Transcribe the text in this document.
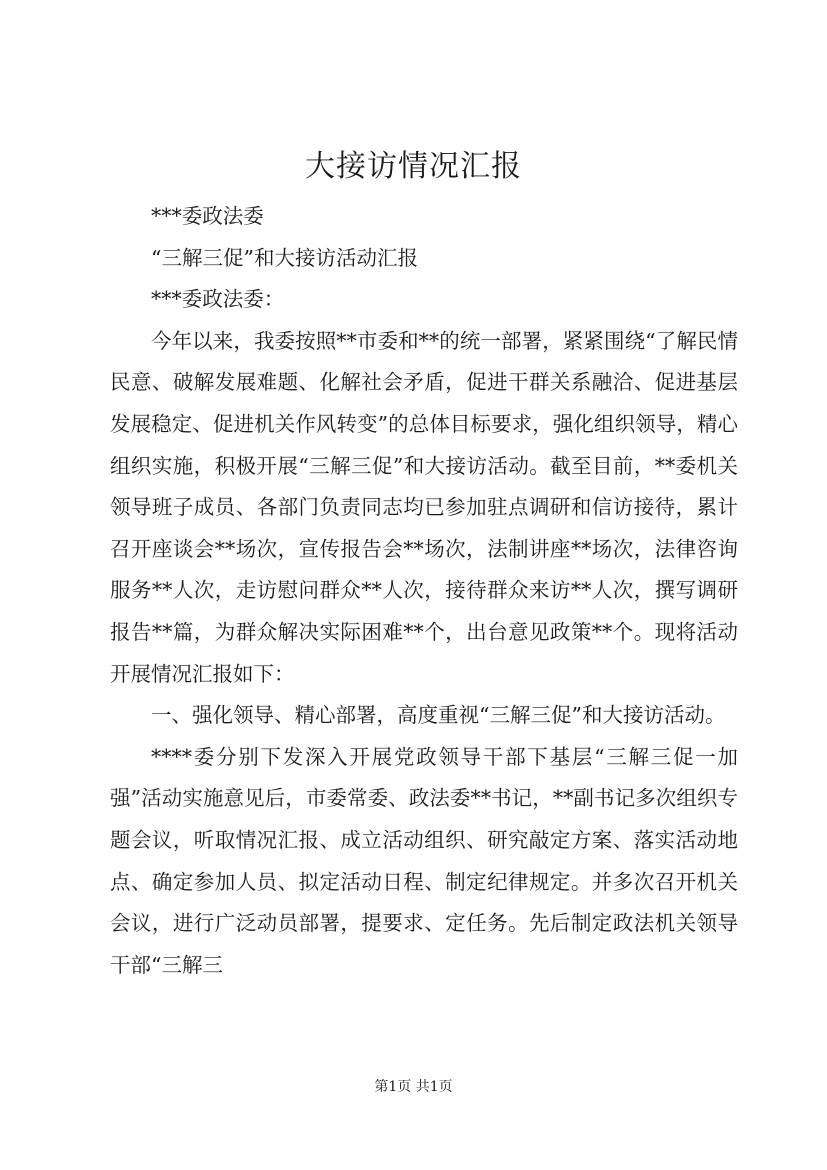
大接访情况汇报

***委政法委

“三解三促”和大接访活动汇报

***委政法委：

今年以来，我委按照**市委和**的统一部署，紧紧围绕“了解民情民意、破解发展难题、化解社会矛盾，促进干群关系融洽、促进基层发展稳定、促进机关作风转变”的总体目标要求，强化组织领导，精心组织实施，积极开展“三解三促”和大接访活动。截至目前，**委机关领导班子成员、各部门负责同志均已参加驻点调研和信访接待，累计召开座谈会**场次，宣传报告会**场次，法制讲座**场次，法律咨询服务**人次，走访慰问群众**人次，接待群众来访**人次，撰写调研报告**篇，为群众解决实际困难**个，出台意见政策**个。现将活动开展情况汇报如下：

一、强化领导、精心部署，高度重视“三解三促”和大接访活动。

****委分别下发深入开展党政领导干部下基层“三解三促一加强”活动实施意见后，市委常委、政法委**书记，**副书记多次组织专题会议，听取情况汇报、成立活动组织、研究敲定方案、落实活动地点、确定参加人员、拟定活动日程、制定纪律规定。并多次召开机关会议，进行广泛动员部署，提要求、定任务。先后制定政法机关领导干部“三解三

第1页 共1页
